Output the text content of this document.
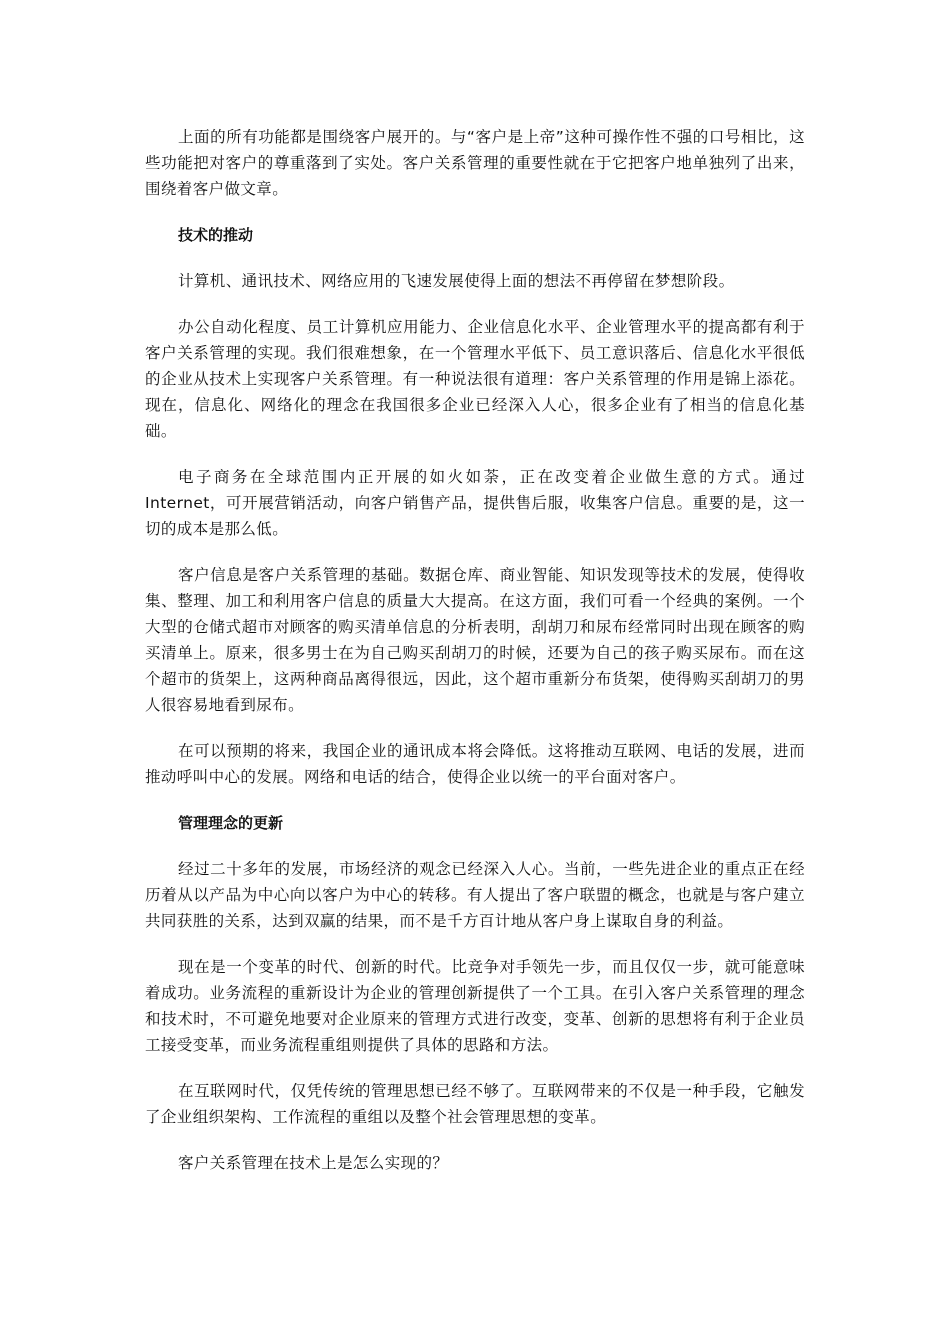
上面的所有功能都是围绕客户展开的。与“客户是上帝”这种可操作性不强的口号相比，这些功能把对客户的尊重落到了实处。客户关系管理的重要性就在于它把客户地单独列了出来，围绕着客户做文章。

技术的推动

计算机、通讯技术、网络应用的飞速发展使得上面的想法不再停留在梦想阶段。

办公自动化程度、员工计算机应用能力、企业信息化水平、企业管理水平的提高都有利于客户关系管理的实现。我们很难想象，在一个管理水平低下、员工意识落后、信息化水平很低的企业从技术上实现客户关系管理。有一种说法很有道理：客户关系管理的作用是锦上添花。现在，信息化、网络化的理念在我国很多企业已经深入人心，很多企业有了相当的信息化基础。

电子商务在全球范围内正开展的如火如荼，正在改变着企业做生意的方式。通过Internet，可开展营销活动，向客户销售产品，提供售后服，收集客户信息。重要的是，这一切的成本是那么低。

客户信息是客户关系管理的基础。数据仓库、商业智能、知识发现等技术的发展，使得收集、整理、加工和利用客户信息的质量大大提高。在这方面，我们可看一个经典的案例。一个大型的仓储式超市对顾客的购买清单信息的分析表明，刮胡刀和尿布经常同时出现在顾客的购买清单上。原来，很多男士在为自己购买刮胡刀的时候，还要为自己的孩子购买尿布。而在这个超市的货架上，这两种商品离得很远，因此，这个超市重新分布货架，使得购买刮胡刀的男人很容易地看到尿布。

在可以预期的将来，我国企业的通讯成本将会降低。这将推动互联网、电话的发展，进而推动呼叫中心的发展。网络和电话的结合，使得企业以统一的平台面对客户。

管理理念的更新

经过二十多年的发展，市场经济的观念已经深入人心。当前，一些先进企业的重点正在经历着从以产品为中心向以客户为中心的转移。有人提出了客户联盟的概念，也就是与客户建立共同获胜的关系，达到双赢的结果，而不是千方百计地从客户身上谋取自身的利益。

现在是一个变革的时代、创新的时代。比竞争对手领先一步，而且仅仅一步，就可能意味着成功。业务流程的重新设计为企业的管理创新提供了一个工具。在引入客户关系管理的理念和技术时，不可避免地要对企业原来的管理方式进行改变，变革、创新的思想将有利于企业员工接受变革，而业务流程重组则提供了具体的思路和方法。

在互联网时代，仅凭传统的管理思想已经不够了。互联网带来的不仅是一种手段，它触发了企业组织架构、工作流程的重组以及整个社会管理思想的变革。

客户关系管理在技术上是怎么实现的？
